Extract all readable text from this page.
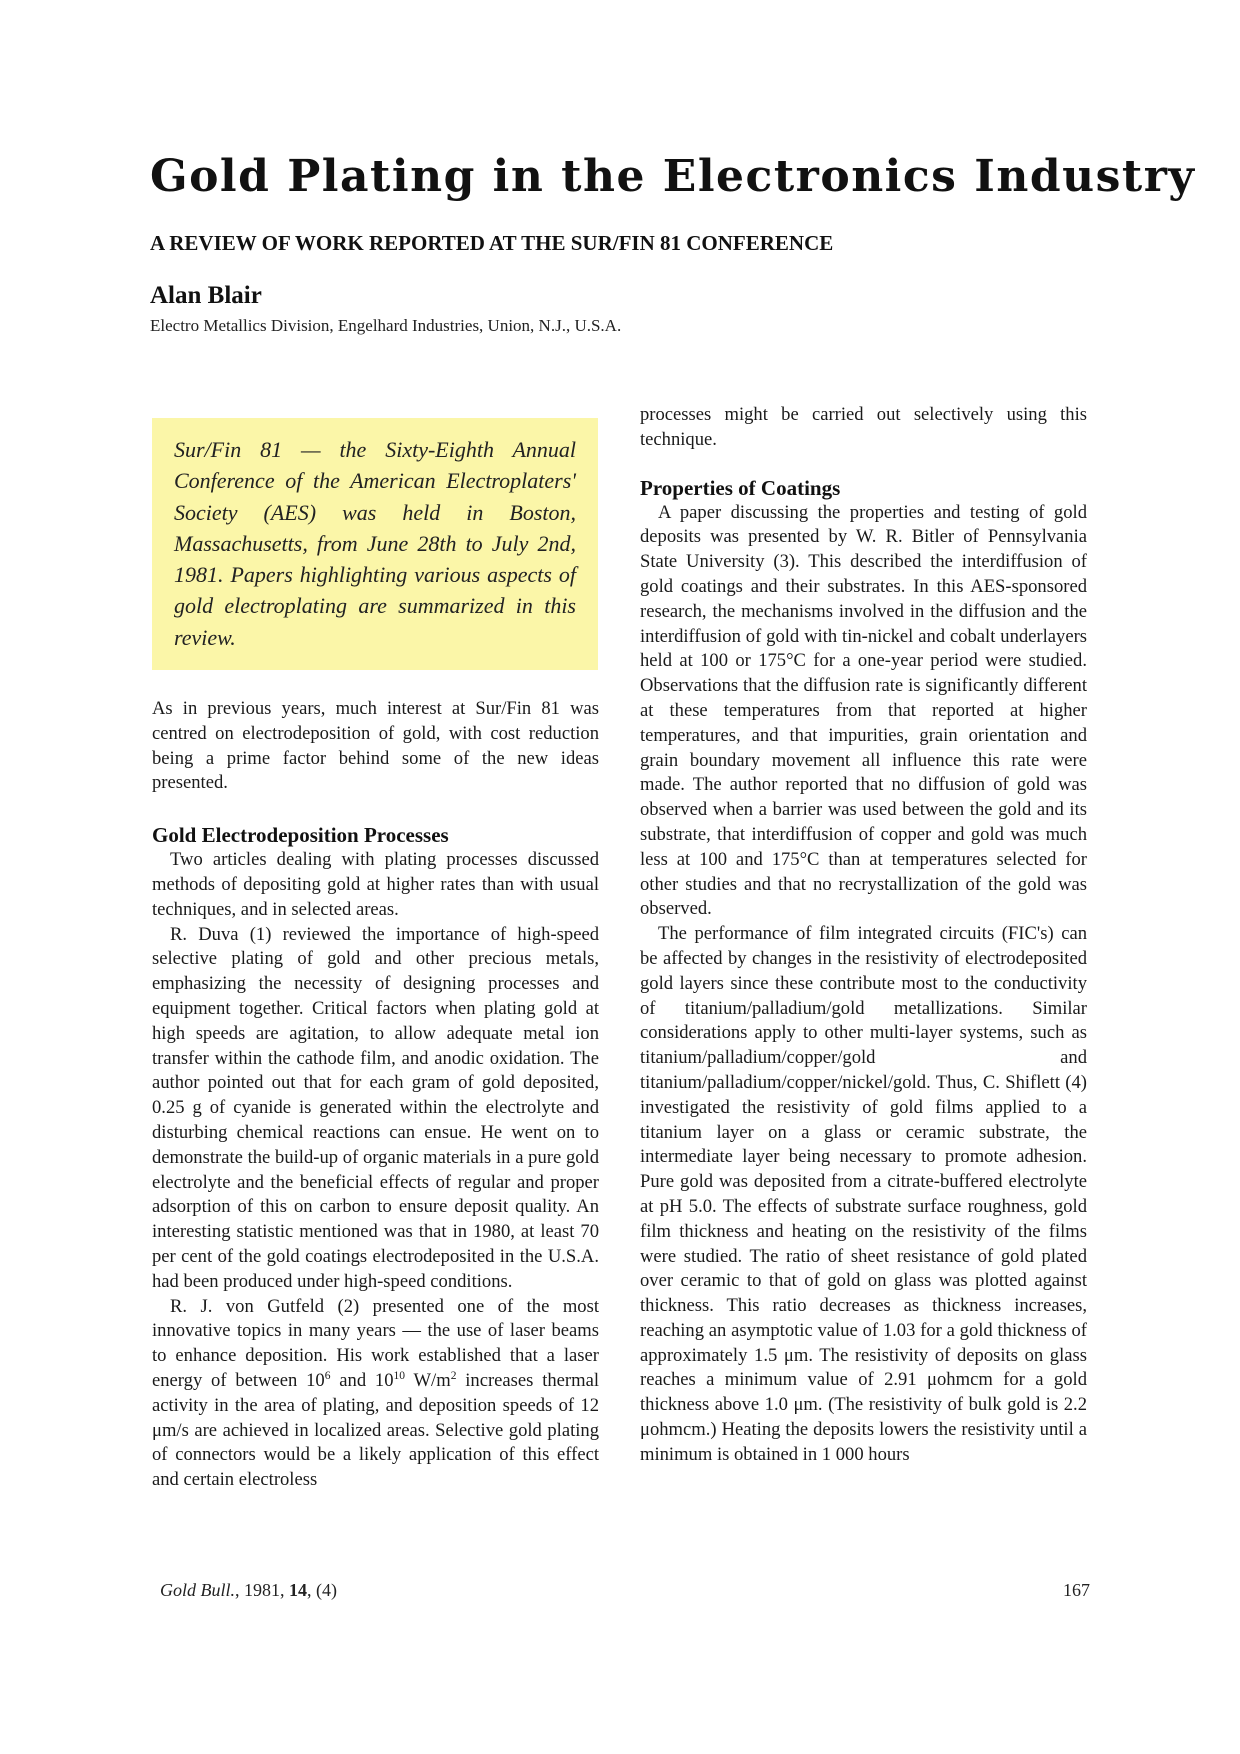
Gold Plating in the Electronics Industry
A REVIEW OF WORK REPORTED AT THE SUR/FIN 81 CONFERENCE

Alan Blair

Electro Metallics Division, Engelhard Industries, Union, N.J., U.S.A.

Sur/Fin 81 — the Sixty-Eighth Annual Conference of the American Electroplaters' Society (AES) was held in Boston, Massachusetts, from June 28th to July 2nd, 1981. Papers highlighting various aspects of gold electroplating are summarized in this review.

As in previous years, much interest at Sur/Fin 81 was centred on electrodeposition of gold, with cost reduction being a prime factor behind some of the new ideas presented.

Gold Electrodeposition Processes

Two articles dealing with plating processes discussed methods of depositing gold at higher rates than with usual techniques, and in selected areas.

R. Duva (1) reviewed the importance of high-speed selective plating of gold and other precious metals, emphasizing the necessity of designing processes and equipment together. Critical factors when plating gold at high speeds are agitation, to allow adequate metal ion transfer within the cathode film, and anodic oxidation. The author pointed out that for each gram of gold deposited, 0.25 g of cyanide is generated within the electrolyte and disturbing chemical reactions can ensue. He went on to demonstrate the build-up of organic materials in a pure gold electrolyte and the beneficial effects of regular and proper adsorption of this on carbon to ensure deposit quality. An interesting statistic mentioned was that in 1980, at least 70 per cent of the gold coatings electrodeposited in the U.S.A. had been produced under high-speed conditions.

R. J. von Gutfeld (2) presented one of the most innovative topics in many years — the use of laser beams to enhance deposition. His work established that a laser energy of between $10^6$ and $10^{10}$ $W/m^2$ increases thermal activity in the area of plating, and deposition speeds of 12 μm/s are achieved in localized areas. Selective gold plating of connectors would be a likely application of this effect and certain electroless

processes might be carried out selectively using this technique.

Properties of Coatings

A paper discussing the properties and testing of gold deposits was presented by W. R. Bitler of Pennsylvania State University (3). This described the interdiffusion of gold coatings and their substrates. In this AES-sponsored research, the mechanisms involved in the diffusion and the interdiffusion of gold with tin-nickel and cobalt underlayers held at 100 or 175°C for a one-year period were studied. Observations that the diffusion rate is significantly different at these temperatures from that reported at higher temperatures, and that impurities, grain orientation and grain boundary movement all influence this rate were made. The author reported that no diffusion of gold was observed when a barrier was used between the gold and its substrate, that interdiffusion of copper and gold was much less at 100 and 175°C than at temperatures selected for other studies and that no recrystallization of the gold was observed.

The performance of film integrated circuits (FIC's) can be affected by changes in the resistivity of electrodeposited gold layers since these contribute most to the conductivity of titanium/palladium/gold metallizations. Similar considerations apply to other multi-layer systems, such as titanium/palladium/copper/gold and titanium/palladium/copper/nickel/gold. Thus, C. Shiflett (4) investigated the resistivity of gold films applied to a titanium layer on a glass or ceramic substrate, the intermediate layer being necessary to promote adhesion. Pure gold was deposited from a citrate-buffered electrolyte at pH 5.0. The effects of substrate surface roughness, gold film thickness and heating on the resistivity of the films were studied. The ratio of sheet resistance of gold plated over ceramic to that of gold on glass was plotted against thickness. This ratio decreases as thickness increases, reaching an asymptotic value of 1.03 for a gold thickness of approximately 1.5 μm. The resistivity of deposits on glass reaches a minimum value of 2.91 μohmcm for a gold thickness above 1.0 μm. (The resistivity of bulk gold is 2.2 μohmcm.) Heating the deposits lowers the resistivity until a minimum is obtained in 1 000 hours

Gold Bull., 1981, 14, (4)	167
